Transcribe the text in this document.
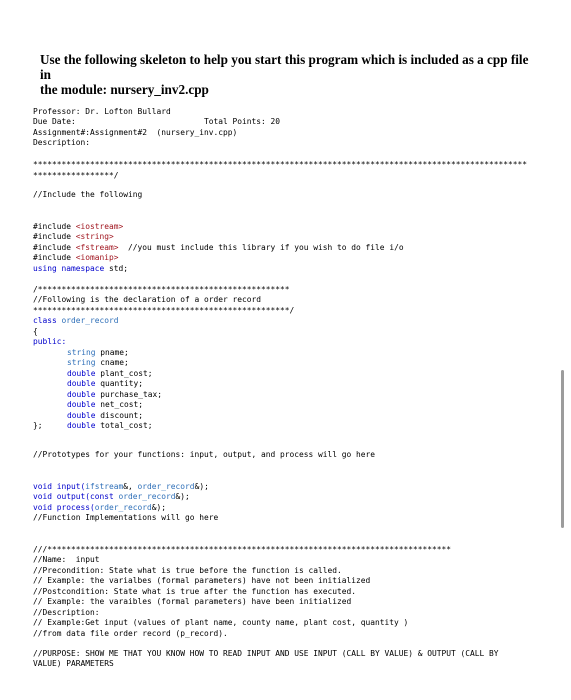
Use the following skeleton to help you start this program which is included as a cpp file in
the module: nursery_inv2.cpp

Professor: Dr. Lofton Bullard
Due Date:	Total Points: 20
Assignment#:Assignment#2  (nursery_inv.cpp)

Description:
********************************************************************************************************
*****************/
//Include the following

#include <iostream>
#include <string>
#include <fstream>  //you must include this library if you wish to do file i/o
#include <iomanip>
using namespace std;

/*****************************************************
//Following is the declaration of a order record
******************************************************/
class order_record
{
public:

string pname;
string cname;
double plant_cost;
double quantity;
double purchase_tax;
double net_cost;
double discount;
double total_cost;

};
//Prototypes for your functions: input, output, and process will go here

void input(ifstream&, order_record&);
void output(const order_record&);
void process(order_record&);

//Function Implementations will go here

///*************************************************************************************
//Name:  input
//Precondition: State what is true before the function is called.
// Example: the varialbes (formal parameters) have not been initialized
//Postcondition: State what is true after the function has executed.
// Example: the varaibles (formal parameters) have been initialized
//Description:
// Example:Get input (values of plant name, county name, plant cost, quantity )
//from data file order record (p_record).

//PURPOSE: SHOW ME THAT YOU KNOW HOW TO READ INPUT AND USE INPUT (CALL BY VALUE) & OUTPUT (CALL BY
VALUE) PARAMETERS
